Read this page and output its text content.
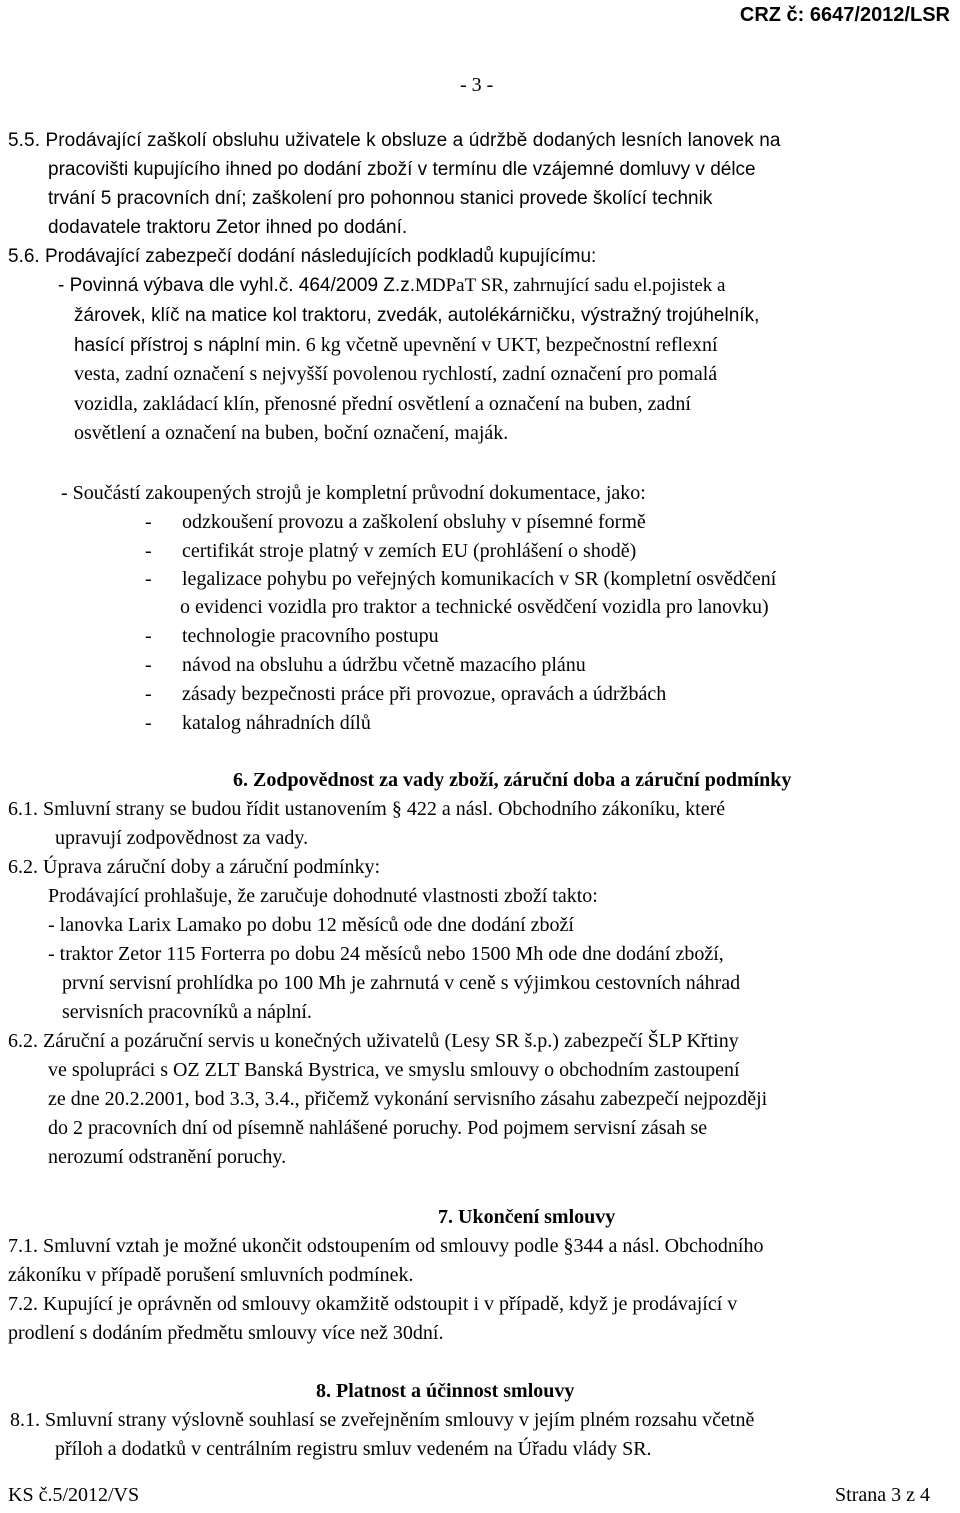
CRZ č: 6647/2012/LSR
- 3 -
5.5. Prodávající zaškolí obsluhu uživatele k obsluze a údržbě dodaných lesních lanovek na
pracovišti kupujícího ihned po dodání zboží v termínu dle vzájemné domluvy v délce
trvání 5 pracovních dní; zaškolení pro pohonnou stanici provede školící technik
dodavatele traktoru Zetor ihned po dodání.
5.6. Prodávající zabezpečí dodání následujících podkladů kupujícímu:
- Povinná výbava dle vyhl.č. 464/2009 Z.z.MDPaT SR, zahrnující sadu el.pojistek a
žárovek, klíč na matice kol traktoru, zvedák, autolékárničku, výstražný trojúhelník,
hasící přístroj s náplní min. 6 kg včetně upevnění v UKT, bezpečnostní reflexní
vesta, zadní označení s nejvyšší povolenou rychlostí, zadní označení pro pomalá
vozidla, zakládací klín, přenosné přední osvětlení a označení na buben, zadní
osvětlení a označení na buben, boční označení, maják.
- Součástí zakoupených strojů je kompletní průvodní dokumentace, jako:
- odzkoušení provozu a zaškolení obsluhy v písemné formě
- certifikát stroje platný v zemích EU (prohlášení o shodě)
- legalizace pohybu po veřejných komunikacích v SR (kompletní osvědčení
o evidenci vozidla pro traktor a technické osvědčení vozidla pro lanovku)
- technologie pracovního postupu
- návod na obsluhu a údržbu včetně mazacího plánu
- zásady bezpečnosti práce při provozue, opravách a údržbách
- katalog náhradních dílů
6. Zodpovědnost za vady zboží, záruční doba a záruční podmínky
6.1. Smluvní strany se budou řídit ustanovením § 422 a násl. Obchodního zákoníku, které
upravují zodpovědnost za vady.
6.2. Úprava záruční doby a záruční podmínky:
Prodávající prohlašuje, že zaručuje dohodnuté vlastnosti zboží takto:
- lanovka Larix Lamako po dobu 12 měsíců ode dne dodání zboží
- traktor Zetor 115 Forterra po dobu 24 měsíců nebo 1500 Mh ode dne dodání zboží,
první servisní prohlídka po 100 Mh je zahrnutá v ceně s výjimkou cestovních náhrad
servisních pracovníků a náplní.
6.2. Záruční a pozáruční servis u konečných uživatelů (Lesy SR š.p.) zabezpečí ŠLP Křtiny
ve spolupráci s OZ ZLT Banská Bystrica, ve smyslu smlouvy o obchodním zastoupení
ze dne 20.2.2001, bod 3.3, 3.4., přičemž vykonání servisního zásahu zabezpečí nejpozději
do 2 pracovních dní od písemně nahlášené poruchy. Pod pojmem servisní zásah se
nerozumí odstranění poruchy.
7. Ukončení smlouvy
7.1. Smluvní vztah je možné ukončit odstoupením od smlouvy podle §344 a násl. Obchodního
zákoníku v případě porušení smluvních podmínek.
7.2. Kupující je oprávněn od smlouvy okamžitě odstoupit i v případě, když je prodávající v
prodlení s dodáním předmětu smlouvy více než 30dní.
8. Platnost a účinnost smlouvy
8.1. Smluvní strany výslovně souhlasí se zveřejněním smlouvy v jejím plném rozsahu včetně
příloh a dodatků v centrálním registru smluv vedeném na Úřadu vlády SR.
KS č.5/2012/VS	Strana 3 z 4
